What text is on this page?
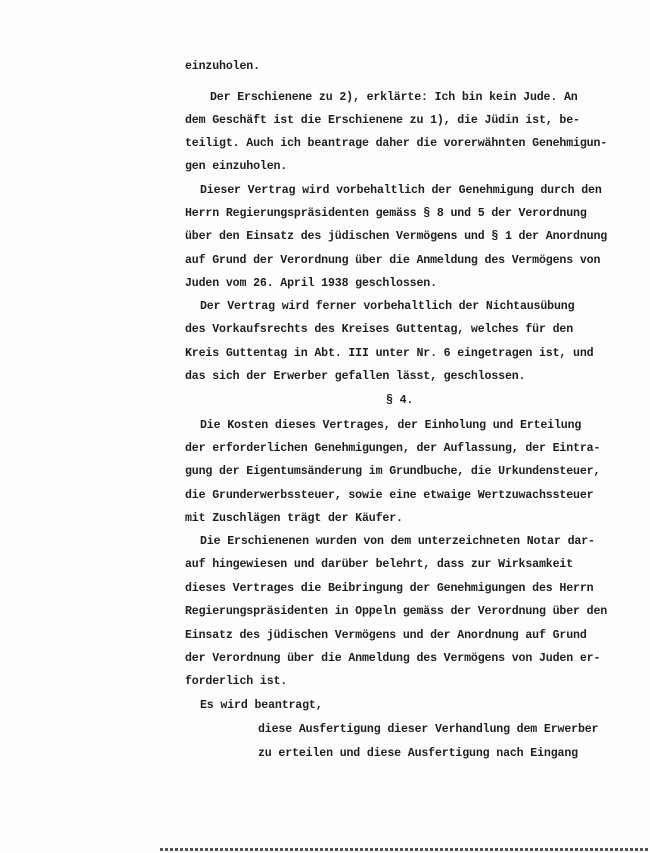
einzuholen.
Der Erschienene zu 2), erklärte: Ich bin kein Jude. An
dem Geschäft ist die Erschienene zu 1), die Jüdin ist, be-
teiligt. Auch ich beantrage daher die vorerwähnten Genehmigun-
gen einzuholen.
Dieser Vertrag wird vorbehaltlich der Genehmigung durch den
Herrn Regierungspräsidenten gemäss § 8 und 5 der Verordnung
über den Einsatz des jüdischen Vermögens und § 1 der Anordnung
auf Grund der Verordnung über die Anmeldung des Vermögens von
Juden vom 26. April 1938 geschlossen.
Der Vertrag wird ferner vorbehaltlich der Nichtausübung
des Vorkaufsrechts des Kreises Guttentag, welches für den
Kreis Guttentag in Abt. III unter Nr. 6 eingetragen ist, und
das sich der Erwerber gefallen lässt, geschlossen.
§ 4.
Die Kosten dieses Vertrages, der Einholung und Erteilung
der erforderlichen Genehmigungen, der Auflassung, der Eintra-
gung der Eigentumsänderung im Grundbuche, die Urkundensteuer,
die Grunderwerbssteuer, sowie eine etwaige Wertzuwachssteuer
mit Zuschlägen trägt der Käufer.
Die Erschienenen wurden von dem unterzeichneten Notar dar-
auf hingewiesen und darüber belehrt, dass zur Wirksamkeit
dieses Vertrages die Beibringung der Genehmigungen des Herrn
Regierungspräsidenten in Oppeln gemäss der Verordnung über den
Einsatz des jüdischen Vermögens und der Anordnung auf Grund
der Verordnung über die Anmeldung des Vermögens von Juden er-
forderlich ist.
Es wird beantragt,
diese Ausfertigung dieser Verhandlung dem Erwerber
zu erteilen und diese Ausfertigung nach Eingang
